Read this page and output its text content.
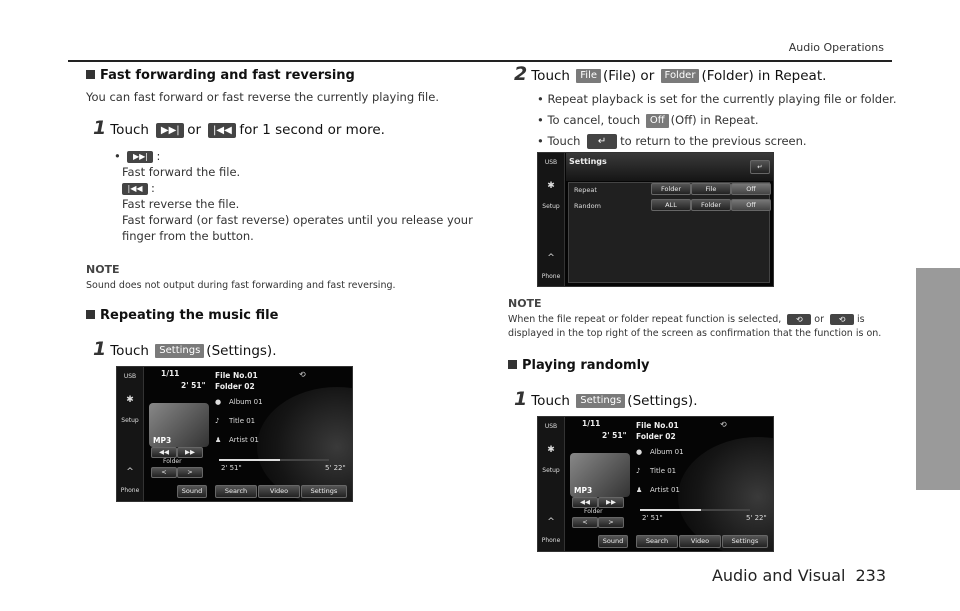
Audio Operations
Audio and Visual 233
Fast forwarding and fast reversing
You can fast forward or fast reverse the currently playing file.
1 Touch ▶▶| or |◀◀ for 1 second or more.
• ▶▶| :
Fast forward the file.
|◀◀ :
Fast reverse the file.
Fast forward (or fast reverse) operates until you release your
finger from the button.
NOTE
Sound does not output during fast forwarding and fast reversing.
Repeating the music file
1 Touch Settings (Settings).
USB
✱
Setup
^
Phone
1/11
2' 51"
File No.01
Folder 02
⟲
MP3
● Album 01
♪ Title 01
♟ Artist 01
◀◀	▶▶
Folder
<	>	2' 51"	5' 22"
Sound	Search	Video	Settings
2 Touch File (File) or Folder (Folder) in Repeat.
• Repeat playback is set for the currently playing file or folder.
• To cancel, touch Off (Off) in Repeat.
• Touch ↵ to return to the previous screen.
USB
✱
Setup
^
Phone
Settings
↵
Repeat
Random
Folder	File	Off
ALL	Folder	Off
NOTE
When the file repeat or folder repeat function is selected, ⟲ or ⟲ is
displayed in the top right of the screen as confirmation that the function is on.
Playing randomly
1 Touch Settings (Settings).
USB
✱
Setup
^
Phone
1/11
2' 51"
File No.01
Folder 02
⟲
MP3
● Album 01
♪ Title 01
♟ Artist 01
◀◀	▶▶
Folder
<	>	2' 51"	5' 22"
Sound	Search	Video	Settings
